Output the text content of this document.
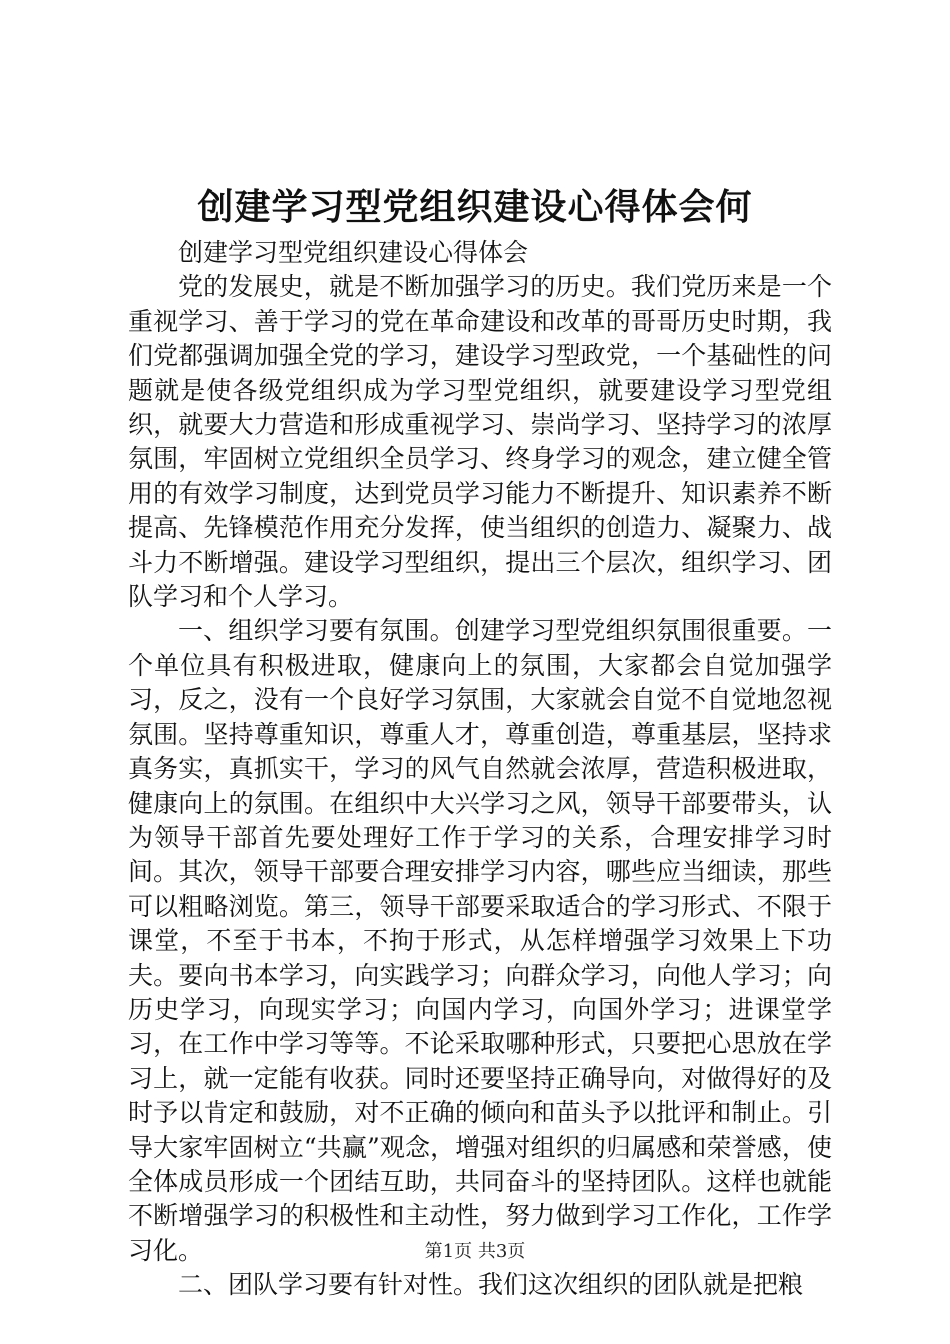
创建学习型党组织建设心得体会何

创建学习型党组织建设心得体会

党的发展史，就是不断加强学习的历史。我们党历来是一个重视学习、善于学习的党在革命建设和改革的哥哥历史时期，我们党都强调加强全党的学习，建设学习型政党，一个基础性的问题就是使各级党组织成为学习型党组织，就要建设学习型党组织，就要大力营造和形成重视学习、崇尚学习、坚持学习的浓厚氛围，牢固树立党组织全员学习、终身学习的观念，建立健全管用的有效学习制度，达到党员学习能力不断提升、知识素养不断提高、先锋模范作用充分发挥，使当组织的创造力、凝聚力、战斗力不断增强。建设学习型组织，提出三个层次，组织学习、团队学习和个人学习。

一、组织学习要有氛围。创建学习型党组织氛围很重要。一个单位具有积极进取，健康向上的氛围，大家都会自觉加强学习，反之，没有一个良好学习氛围，大家就会自觉不自觉地忽视氛围。坚持尊重知识，尊重人才，尊重创造，尊重基层，坚持求真务实，真抓实干，学习的风气自然就会浓厚，营造积极进取，健康向上的氛围。在组织中大兴学习之风，领导干部要带头，认为领导干部首先要处理好工作于学习的关系，合理安排学习时间。其次，领导干部要合理安排学习内容，哪些应当细读，那些可以粗略浏览。第三，领导干部要采取适合的学习形式、不限于课堂，不至于书本，不拘于形式，从怎样增强学习效果上下功夫。要向书本学习，向实践学习；向群众学习，向他人学习；向历史学习，向现实学习；向国内学习，向国外学习；进课堂学习，在工作中学习等等。不论采取哪种形式，只要把心思放在学习上，就一定能有收获。同时还要坚持正确导向，对做得好的及时予以肯定和鼓励，对不正确的倾向和苗头予以批评和制止。引导大家牢固树立“共赢”观念，增强对组织的归属感和荣誉感，使全体成员形成一个团结互助，共同奋斗的坚持团队。这样也就能不断增强学习的积极性和主动性，努力做到学习工作化，工作学习化。

二、团队学习要有针对性。我们这次组织的团队就是把粮

第1页 共3页
